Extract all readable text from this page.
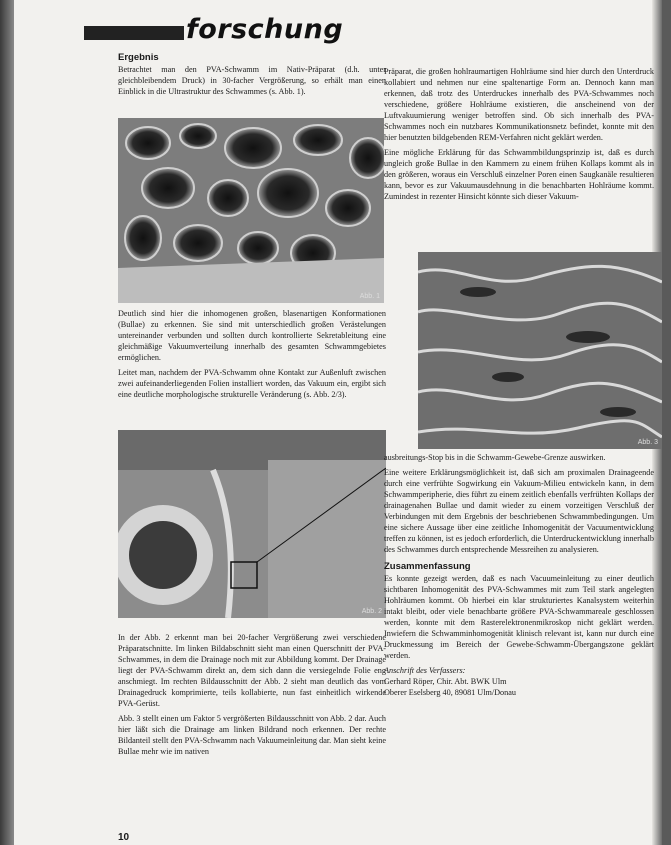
forschung
Ergebnis

Betrachtet man den PVA-Schwamm im Nativ-Präparat (d.h. unter gleichbleibendem Druck) in 30-facher Vergrößerung, so erhält man einen Einblick in die Ultrastruktur des Schwammes (s. Abb. 1).

Abb. 1

Deutlich sind hier die inhomogenen großen, blasenartigen Konformationen (Bullae) zu erkennen. Sie sind mit unterschiedlich großen Verästelungen untereinander verbunden und sollten durch kontrollierte Sekretableitung eine gleichmäßige Vakuumverteilung innerhalb des gesamten Schwammgebietes ermöglichen.

Leitet man, nachdem der PVA-Schwamm ohne Kontakt zur Außenluft zwischen zwei aufeinanderliegenden Folien installiert worden, das Vakuum ein, ergibt sich eine deutliche morphologische strukturelle Veränderung (s. Abb. 2/3).

Abb. 2

In der Abb. 2 erkennt man bei 20-facher Vergrößerung zwei verschiedene Präparatschnitte. Im linken Bildabschnitt sieht man einen Querschnitt der PVA-Schwammes, in dem die Drainage noch mit zur Abbildung kommt. Der Drainage liegt der PVA-Schwamm direkt an, dem sich dann die versiegelnde Folie eng anschmiegt. Im rechten Bildausschnitt der Abb. 2 sieht man deutlich das vom Drainagedruck komprimierte, teils kollabierte, nun fast einheitlich wirkende PVA-Gerüst.

Abb. 3 stellt einen um Faktor 5 vergrößerten Bildausschnitt von Abb. 2 dar. Auch hier läßt sich die Drainage am linken Bildrand noch erkennen. Der rechte Bildanteil stellt den PVA-Schwamm nach Vakuumeinleitung dar. Man sieht keine Bullae mehr wie im nativen

Präparat, die großen hohlraumartigen Hohlräume sind hier durch den Unterdruck kollabiert und nehmen nur eine spaltenartige Form an. Dennoch kann man erkennen, daß trotz des Unterdruckes innerhalb des PVA-Schwammes noch verschiedene, größere Hohlräume existieren, die anscheinend von der Luftvakuumierung weniger betroffen sind. Ob sich innerhalb des PVA-Schwammes noch ein nutzbares Kommunikationsnetz befindet, konnte mit den hier benutzten bildgebenden REM-Verfahren nicht geklärt werden.

Eine mögliche Erklärung für das Schwammbildungsprinzip ist, daß es durch ungleich große Bullae in den Kammern zu einem frühen Kollaps kommt als in den größeren, woraus ein Verschluß einzelner Poren einen Saugkanäle resultieren kann, bevor es zur Vakuumausdehnung in die benachbarten Hohlräume kommt. Zumindest in rezenter Hinsicht könnte sich dieser Vakuum-

Abb. 3

ausbreitungs-Stop bis in die Schwamm-Gewebe-Grenze auswirken.

Eine weitere Erklärungsmöglichkeit ist, daß sich am proximalen Drainageende durch eine verfrühte Sogwirkung ein Vakuum-Milieu entwickeln kann, in dem Schwammperipherie, dies führt zu einem zeitlich ebenfalls verfrühten Kollaps der drainagenahen Bullae und damit wieder zu einem vorzeitigen Verschluß der Verbindungen mit dem Ergebnis der beschriebenen Schwammbedingungen. Um eine sichere Aussage über eine zeitliche Inhomogenität der Vacuumentwicklung treffen zu können, ist es jedoch erforderlich, die Unterdruckentwicklung innerhalb des Schwammes durch entsprechende Messreihen zu analysieren.

Zusammenfassung

Es konnte gezeigt werden, daß es nach Vacuumeinleitung zu einer deutlich sichtbaren Inhomogenität des PVA-Schwammes mit zum Teil stark angelegten Hohlräumen kommt. Ob hierbei ein klar strukturiertes Kanalsystem weiterhin intakt bleibt, oder viele benachbarte größere PVA-Schwammareale geschlossen werden, konnte mit dem Rasterelektronenmikroskop nicht geklärt werden. Inwiefern die Schwamminhomogenität klinisch relevant ist, kann nur durch eine Druckmessung im Bereich der Gewebe-Schwamm-Übergangszone geklärt werden.

Anschrift des Verfassers:
Gerhard Röper, Chir. Abt. BWK Ulm
Oberer Eselsberg 40, 89081 Ulm/Donau
10
